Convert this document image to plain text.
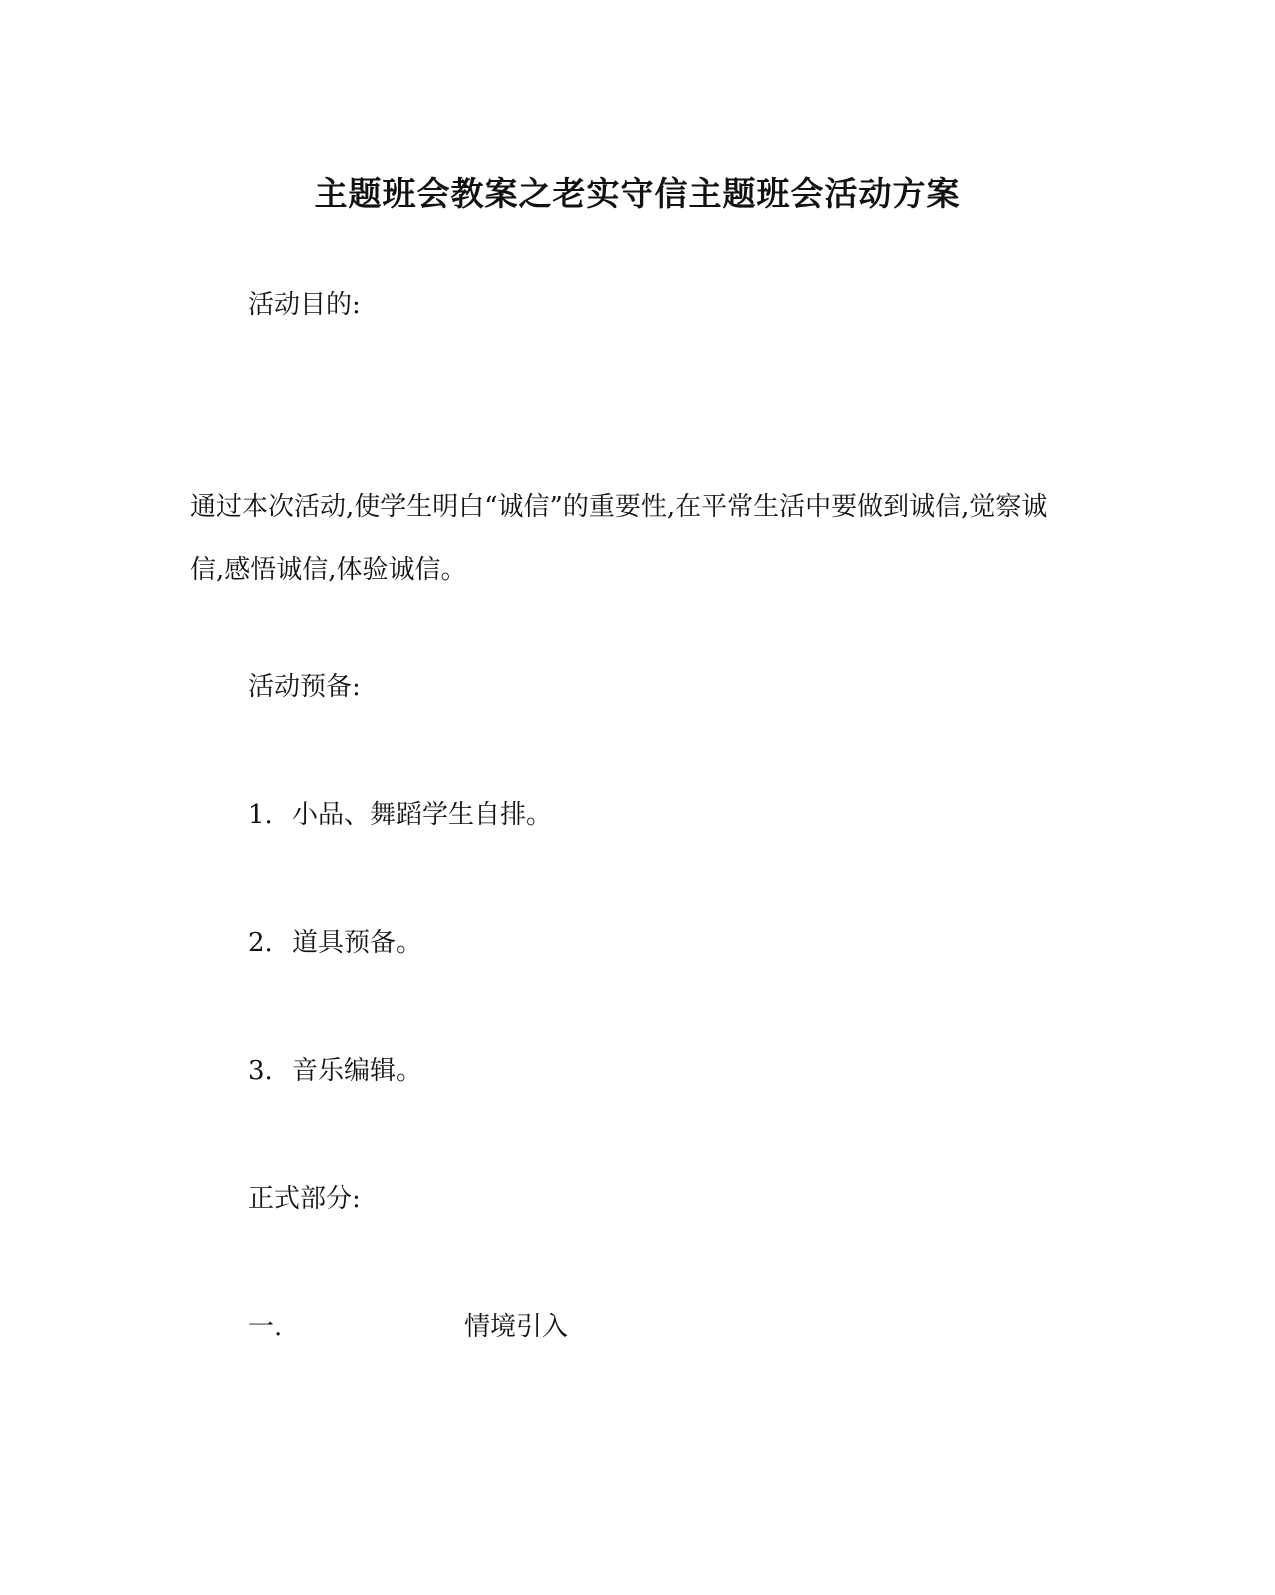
主题班会教案之老实守信主题班会活动方案
活动目的:
通过本次活动,使学生明白“诚信”的重要性,在平常生活中要做到诚信,觉察诚信,感悟诚信,体验诚信。
活动预备:
1. 小品、舞蹈学生自排。
2. 道具预备。
3. 音乐编辑。
正式部分:
一.	情境引入
